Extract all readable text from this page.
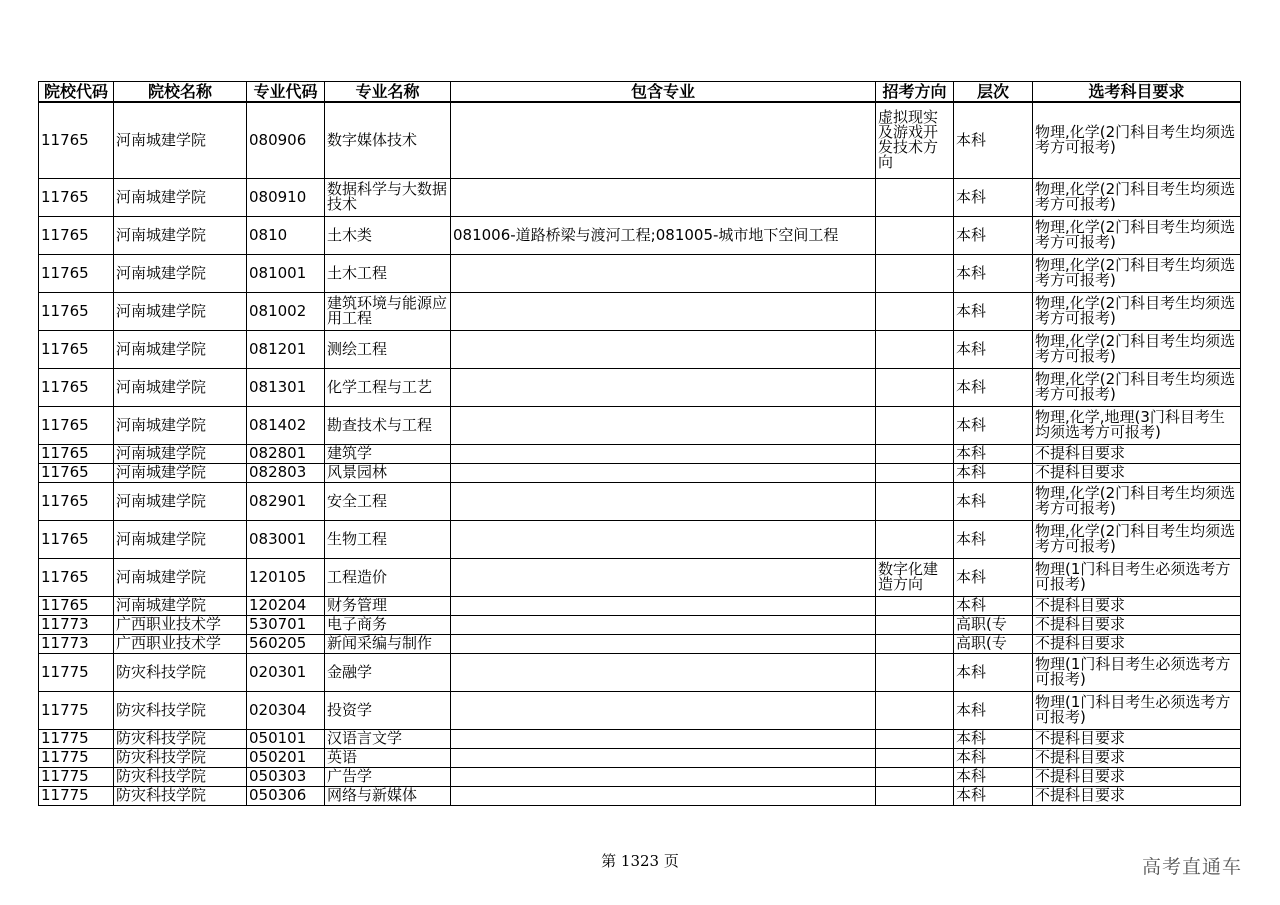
院校代码	院校名称	专业代码	专业名称	包含专业	招考方向	层次	选考科目要求
11765	河南城建学院	080906	数字媒体技术		虚拟现实及游戏开发技术方向	本科	物理,化学(2门科目考生均须选考方可报考)
11765	河南城建学院	080910	数据科学与大数据技术			本科	物理,化学(2门科目考生均须选考方可报考)
11765	河南城建学院	0810	土木类	081006-道路桥梁与渡河工程;081005-城市地下空间工程		本科	物理,化学(2门科目考生均须选考方可报考)
11765	河南城建学院	081001	土木工程			本科	物理,化学(2门科目考生均须选考方可报考)
11765	河南城建学院	081002	建筑环境与能源应用工程			本科	物理,化学(2门科目考生均须选考方可报考)
11765	河南城建学院	081201	测绘工程			本科	物理,化学(2门科目考生均须选考方可报考)
11765	河南城建学院	081301	化学工程与工艺			本科	物理,化学(2门科目考生均须选考方可报考)
11765	河南城建学院	081402	勘查技术与工程			本科	物理,化学,地理(3门科目考生均须选考方可报考)
11765	河南城建学院	082801	建筑学			本科	不提科目要求
11765	河南城建学院	082803	风景园林			本科	不提科目要求
11765	河南城建学院	082901	安全工程			本科	物理,化学(2门科目考生均须选考方可报考)
11765	河南城建学院	083001	生物工程			本科	物理,化学(2门科目考生均须选考方可报考)
11765	河南城建学院	120105	工程造价		数字化建造方向	本科	物理(1门科目考生必须选考方可报考)
11765	河南城建学院	120204	财务管理			本科	不提科目要求
11773	广西职业技术学	530701	电子商务			高职(专	不提科目要求
11773	广西职业技术学	560205	新闻采编与制作			高职(专	不提科目要求
11775	防灾科技学院	020301	金融学			本科	物理(1门科目考生必须选考方可报考)
11775	防灾科技学院	020304	投资学			本科	物理(1门科目考生必须选考方可报考)
11775	防灾科技学院	050101	汉语言文学			本科	不提科目要求
11775	防灾科技学院	050201	英语			本科	不提科目要求
11775	防灾科技学院	050303	广告学			本科	不提科目要求
11775	防灾科技学院	050306	网络与新媒体			本科	不提科目要求
第 1323 页	高考直通车
